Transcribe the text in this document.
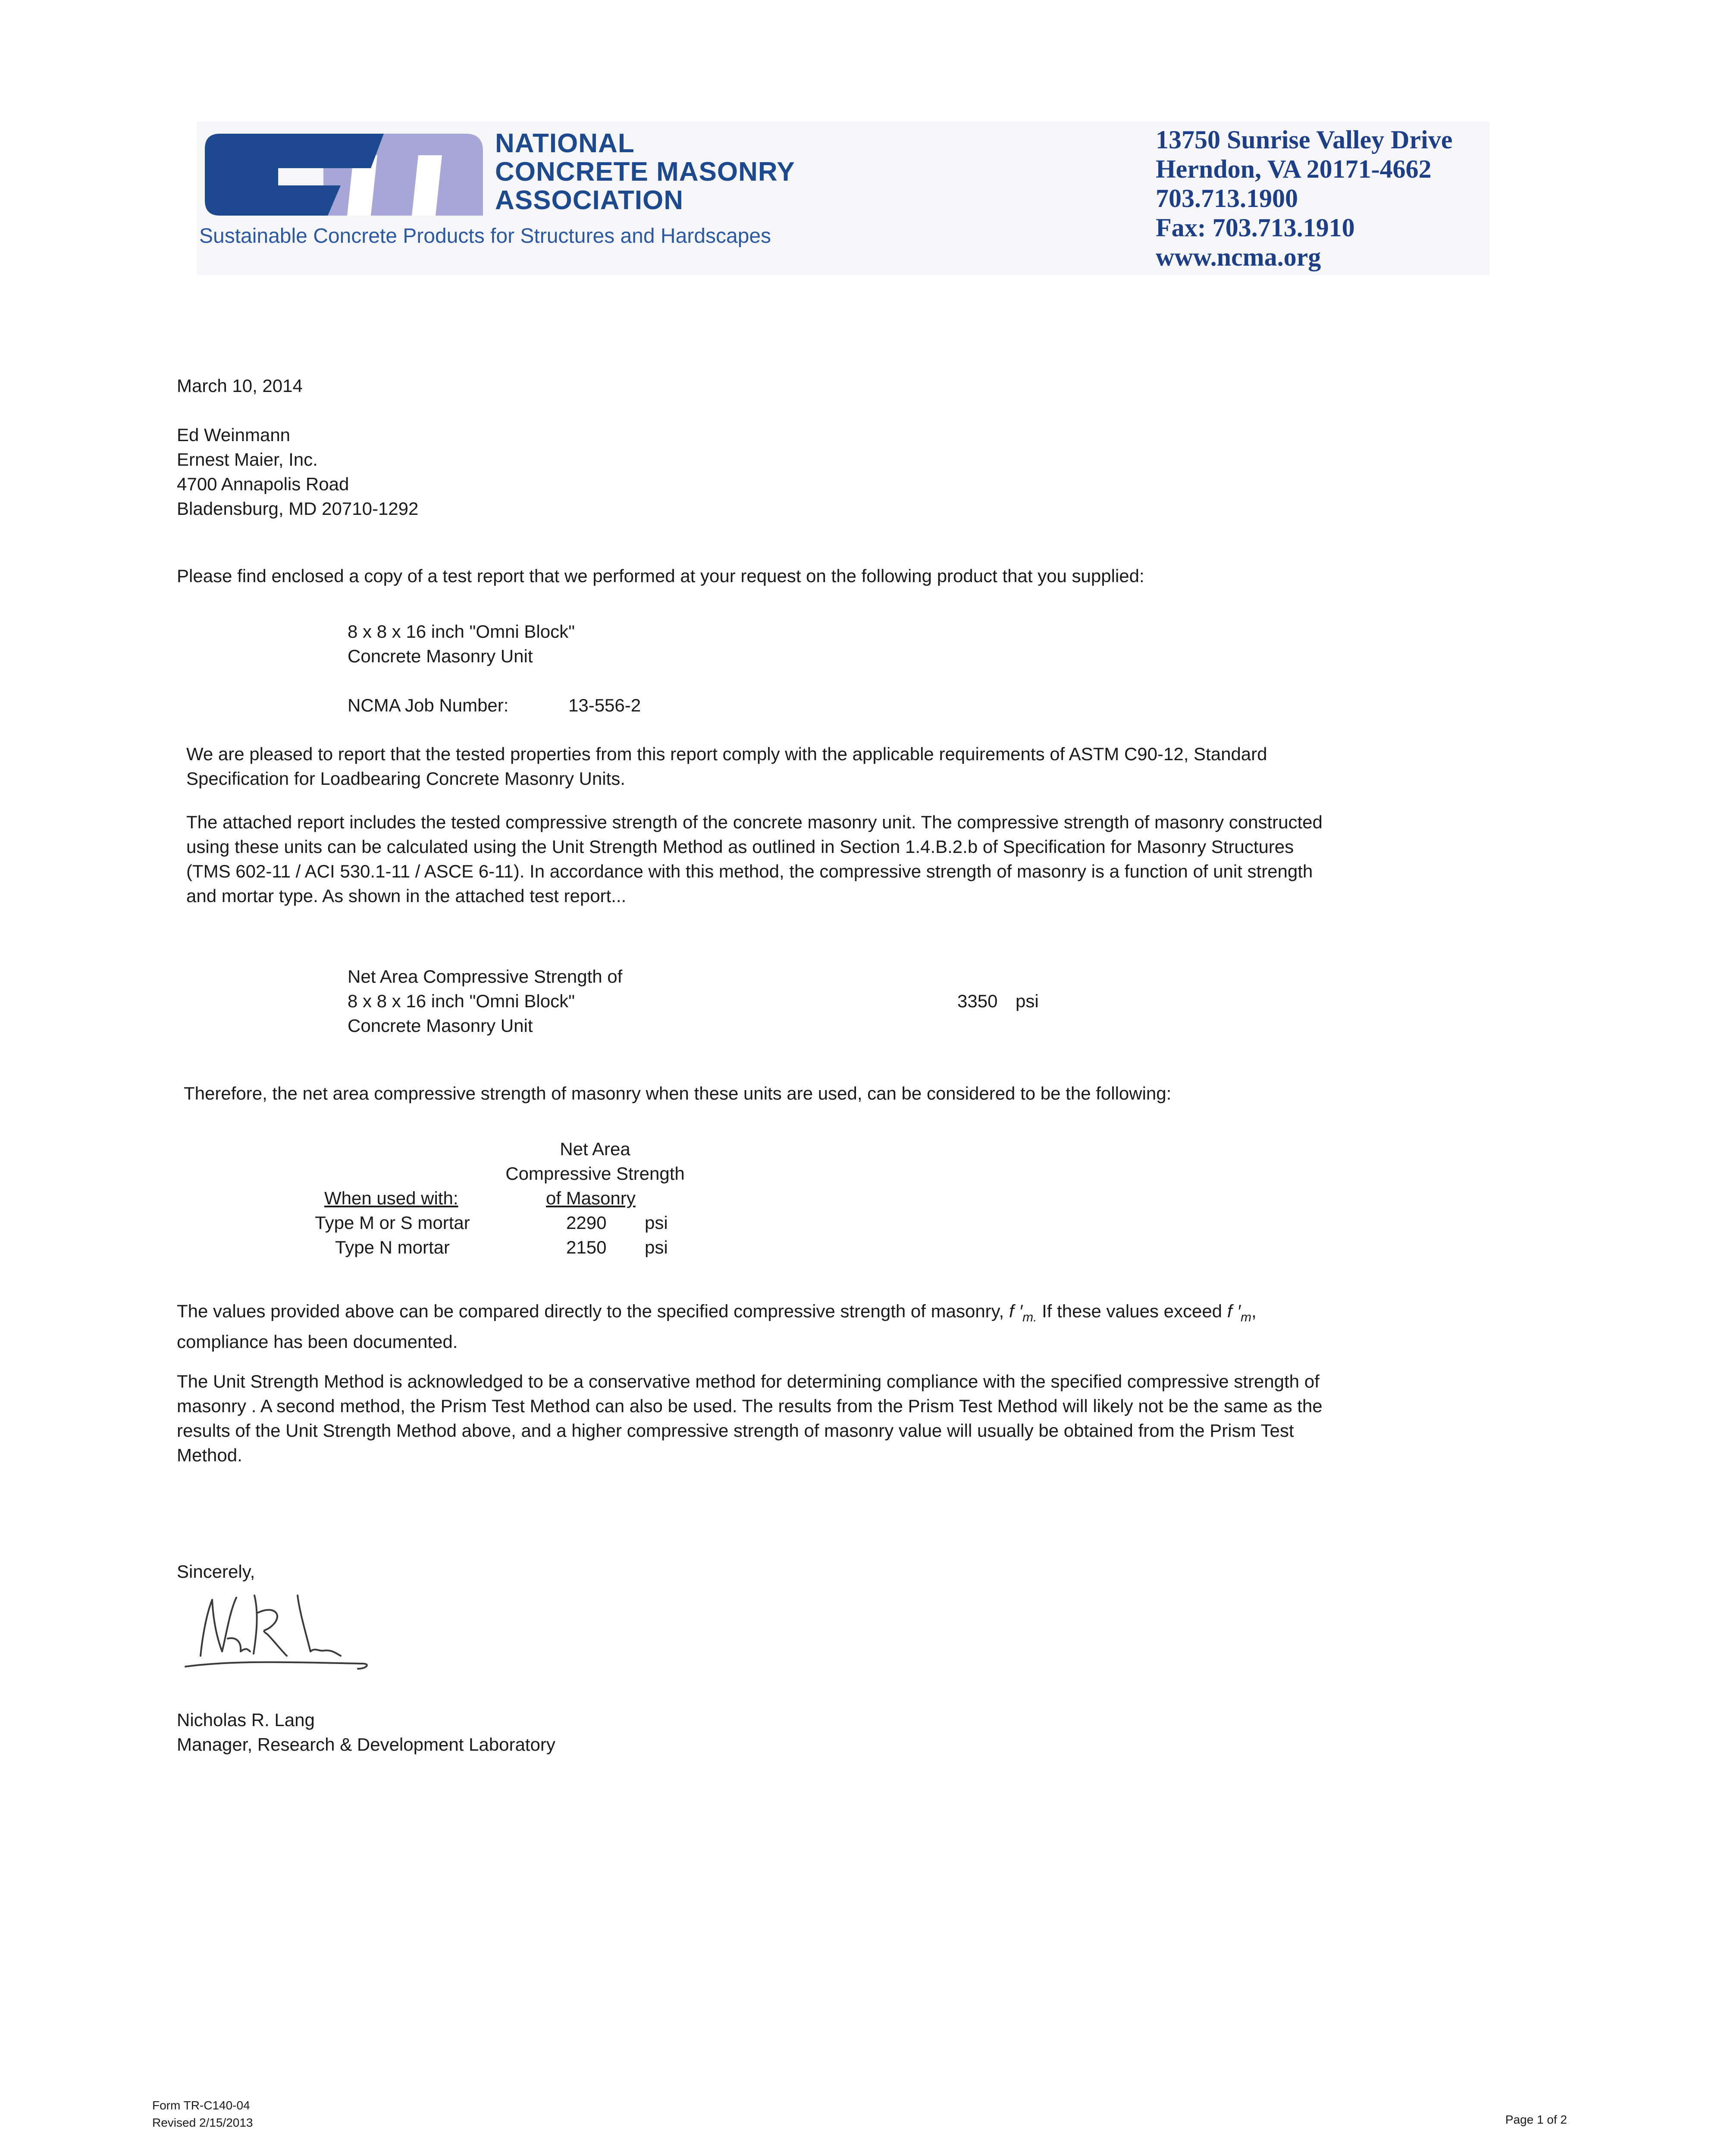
NATIONAL
CONCRETE MASONRY
ASSOCIATION
Sustainable Concrete Products for Structures and Hardscapes
13750 Sunrise Valley Drive
Herndon, VA 20171-4662
703.713.1900
Fax: 703.713.1910
www.ncma.org
March 10, 2014
Ed Weinmann
Ernest Maier, Inc.
4700 Annapolis Road
Bladensburg, MD 20710-1292
Please find enclosed a copy of a test report that we performed at your request on the following product that you supplied:
8 x 8 x 16 inch "Omni Block"
Concrete Masonry Unit
NCMA Job Number:	13-556-2
We are pleased to report that the tested properties from this report comply with the applicable requirements of ASTM C90-12, Standard
Specification for Loadbearing Concrete Masonry Units.
The attached report includes the tested compressive strength of the concrete masonry unit. The compressive strength of masonry constructed
using these units can be calculated using the Unit Strength Method as outlined in Section 1.4.B.2.b of Specification for Masonry Structures
(TMS 602-11 / ACI 530.1-11 / ASCE 6-11). In accordance with this method, the compressive strength of masonry is a function of unit strength
and mortar type. As shown in the attached test report...
Net Area Compressive Strength of
8 x 8 x 16 inch "Omni Block"
Concrete Masonry Unit
3350 psi
Therefore, the net area compressive strength of masonry when these units are used, can be considered to be the following:
Net Area
Compressive Strength
When used with:	of Masonry
Type M or S mortar	2290 psi
Type N mortar	2150 psi
The values provided above can be compared directly to the specified compressive strength of masonry, f $'_{m.}$ If these values exceed f $'_m$,
compliance has been documented.
The Unit Strength Method is acknowledged to be a conservative method for determining compliance with the specified compressive strength of
masonry . A second method, the Prism Test Method can also be used. The results from the Prism Test Method will likely not be the same as the
results of the Unit Strength Method above, and a higher compressive strength of masonry value will usually be obtained from the Prism Test
Method.
Sincerely,
Nicholas R. Lang
Manager, Research & Development Laboratory
Form TR-C140-04
Revised 2/15/2013	Page 1 of 2
